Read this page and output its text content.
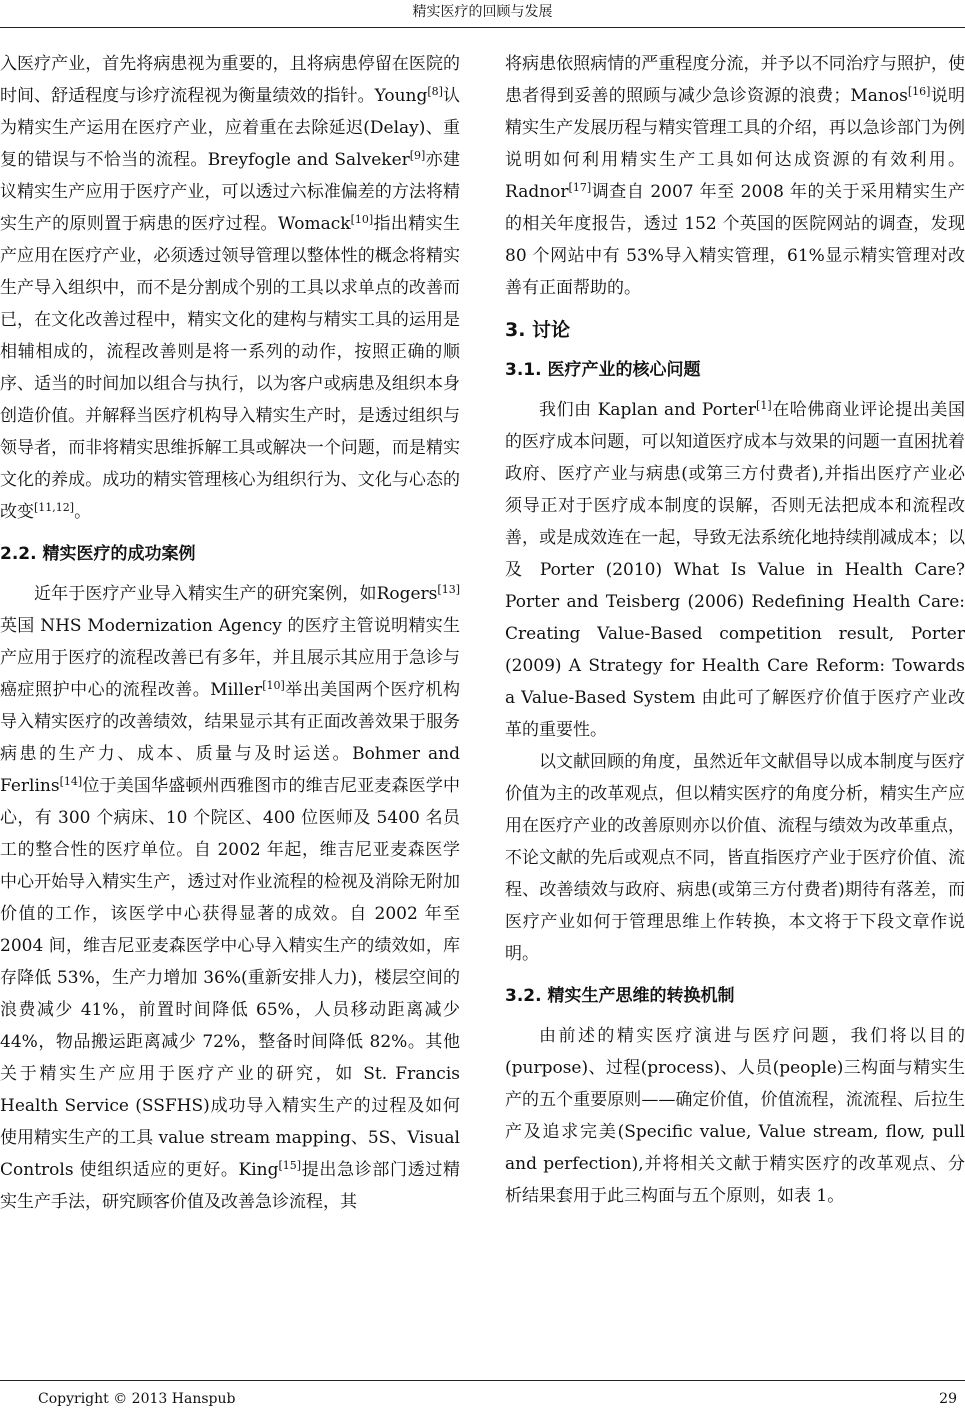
精实医疗的回顾与发展

入医疗产业，首先将病患视为重要的，且将病患停留在医院的时间、舒适程度与诊疗流程视为衡量绩效的指针。Young[8]认为精实生产运用在医疗产业，应着重在去除延迟(Delay)、重复的错误与不恰当的流程。Breyfogle and Salveker[9]亦建议精实生产应用于医疗产业，可以透过六标准偏差的方法将精实生产的原则置于病患的医疗过程。Womack[10]指出精实生产应用在医疗产业，必须透过领导管理以整体性的概念将精实生产导入组织中，而不是分割成个别的工具以求单点的改善而已，在文化改善过程中，精实文化的建构与精实工具的运用是相辅相成的，流程改善则是将一系列的动作，按照正确的顺序、适当的时间加以组合与执行，以为客户或病患及组织本身创造价值。并解释当医疗机构导入精实生产时，是透过组织与领导者，而非将精实思维拆解工具或解决一个问题，而是精实文化的养成。成功的精实管理核心为组织行为、文化与心态的改变[11,12]。

2.2. 精实医疗的成功案例

近年于医疗产业导入精实生产的研究案例，如Rogers[13]英国 NHS Modernization Agency 的医疗主管说明精实生产应用于医疗的流程改善已有多年，并且展示其应用于急诊与癌症照护中心的流程改善。Miller[10]举出美国两个医疗机构导入精实医疗的改善绩效，结果显示其有正面改善效果于服务病患的生产力、成本、质量与及时运送。Bohmer and Ferlins[14]位于美国华盛顿州西雅图市的维吉尼亚麦森医学中心，有 300 个病床、10 个院区、400 位医师及 5400 名员工的整合性的医疗单位。自 2002 年起，维吉尼亚麦森医学中心开始导入精实生产，透过对作业流程的检视及消除无附加价值的工作，该医学中心获得显著的成效。自 2002 年至 2004 间，维吉尼亚麦森医学中心导入精实生产的绩效如，库存降低 53%，生产力增加 36%(重新安排人力)，楼层空间的浪费减少 41%，前置时间降低 65%，人员移动距离减少 44%，物品搬运距离减少 72%，整备时间降低 82%。其他关于精实生产应用于医疗产业的研究，如 St. Francis Health Service (SSFHS)成功导入精实生产的过程及如何使用精实生产的工具 value stream mapping、5S、Visual Controls 使组织适应的更好。King[15]提出急诊部门透过精实生产手法，研究顾客价值及改善急诊流程，其

将病患依照病情的严重程度分流，并予以不同治疗与照护，使患者得到妥善的照顾与减少急诊资源的浪费；Manos[16]说明精实生产发展历程与精实管理工具的介绍，再以急诊部门为例说明如何利用精实生产工具如何达成资源的有效利用。Radnor[17]调查自 2007 年至 2008 年的关于采用精实生产的相关年度报告，透过 152 个英国的医院网站的调查，发现 80 个网站中有 53%导入精实管理，61%显示精实管理对改善有正面帮助的。

3. 讨论
3.1. 医疗产业的核心问题

我们由 Kaplan and Porter[1]在哈佛商业评论提出美国的医疗成本问题，可以知道医疗成本与效果的问题一直困扰着政府、医疗产业与病患(或第三方付费者),并指出医疗产业必须导正对于医疗成本制度的误解，否则无法把成本和流程改善，或是成效连在一起，导致无法系统化地持续削减成本；以及 Porter (2010) What Is Value in Health Care? Porter and Teisberg (2006) Redefining Health Care: Creating Value-Based competition result, Porter (2009) A Strategy for Health Care Reform: Towards a Value-Based System 由此可了解医疗价值于医疗产业改革的重要性。

以文献回顾的角度，虽然近年文献倡导以成本制度与医疗价值为主的改革观点，但以精实医疗的角度分析，精实生产应用在医疗产业的改善原则亦以价值、流程与绩效为改革重点，不论文献的先后或观点不同，皆直指医疗产业于医疗价值、流程、改善绩效与政府、病患(或第三方付费者)期待有落差，而医疗产业如何于管理思维上作转换，本文将于下段文章作说明。

3.2. 精实生产思维的转换机制

由前述的精实医疗演进与医疗问题，我们将以目的(purpose)、过程(process)、人员(people)三构面与精实生产的五个重要原则——确定价值，价值流程，流流程、后拉生产及追求完美(Specific value, Value stream, flow, pull and perfection),并将相关文献于精实医疗的改革观点、分析结果套用于此三构面与五个原则，如表 1。

Copyright © 2013 Hanspub	29
